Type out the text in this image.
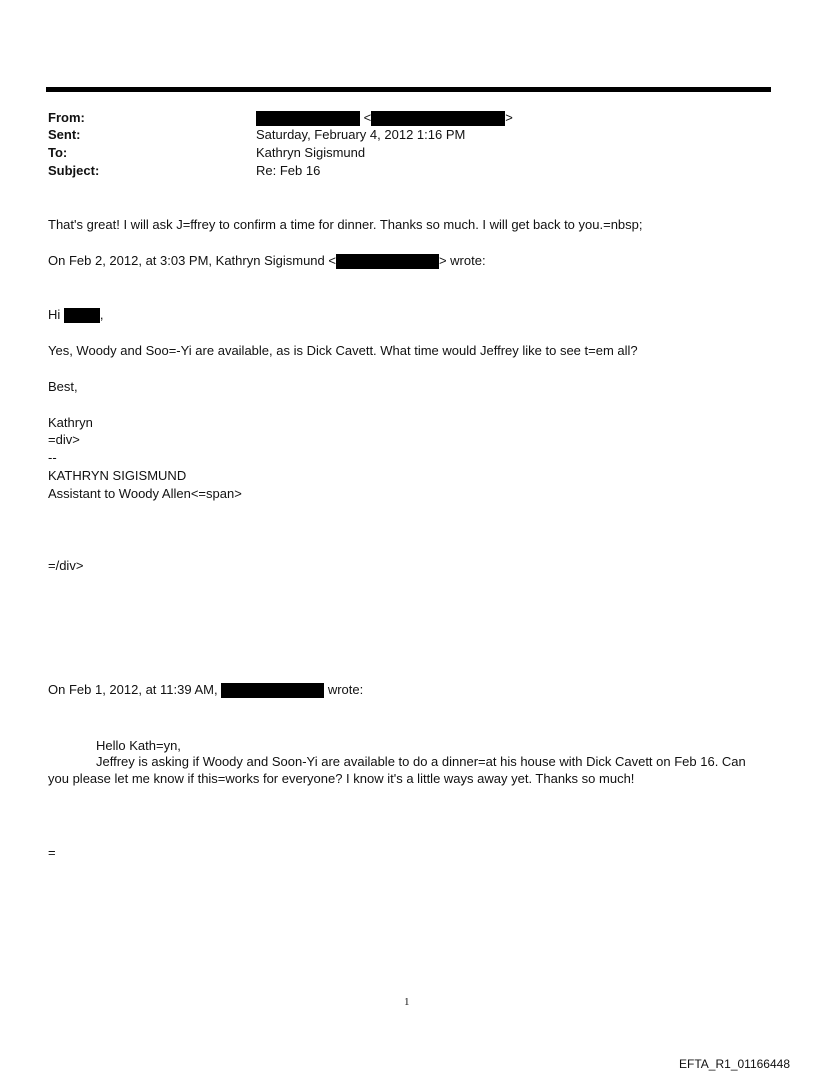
From:	<	>
Sent:	Saturday, February 4, 2012 1:16 PM
To:	Kathryn Sigismund
Subject:	Re: Feb 16
That's great! I will ask J=ffrey to confirm a time for dinner. Thanks so much. I will get back to you.=nbsp;
On Feb 2, 2012, at 3:03 PM, Kathryn Sigismund <	> wrote:
Hi	,
Yes, Woody and Soo=-Yi are available, as is Dick Cavett. What time would Jeffrey like to see t=em all?
Best,
Kathryn
=div>
--
KATHRYN SIGISMUND
Assistant to Woody Allen<=span>
=/div>
On Feb 1, 2012, at 11:39 AM,	wrote:
Hello Kath=yn,
Jeffrey is asking if Woody and Soon-Yi are available to do a dinner=at his house with Dick Cavett on Feb 16. Can you please let me know if this=works for everyone? I know it's a little ways away yet. Thanks so much!
=
1
EFTA_R1_01166448
